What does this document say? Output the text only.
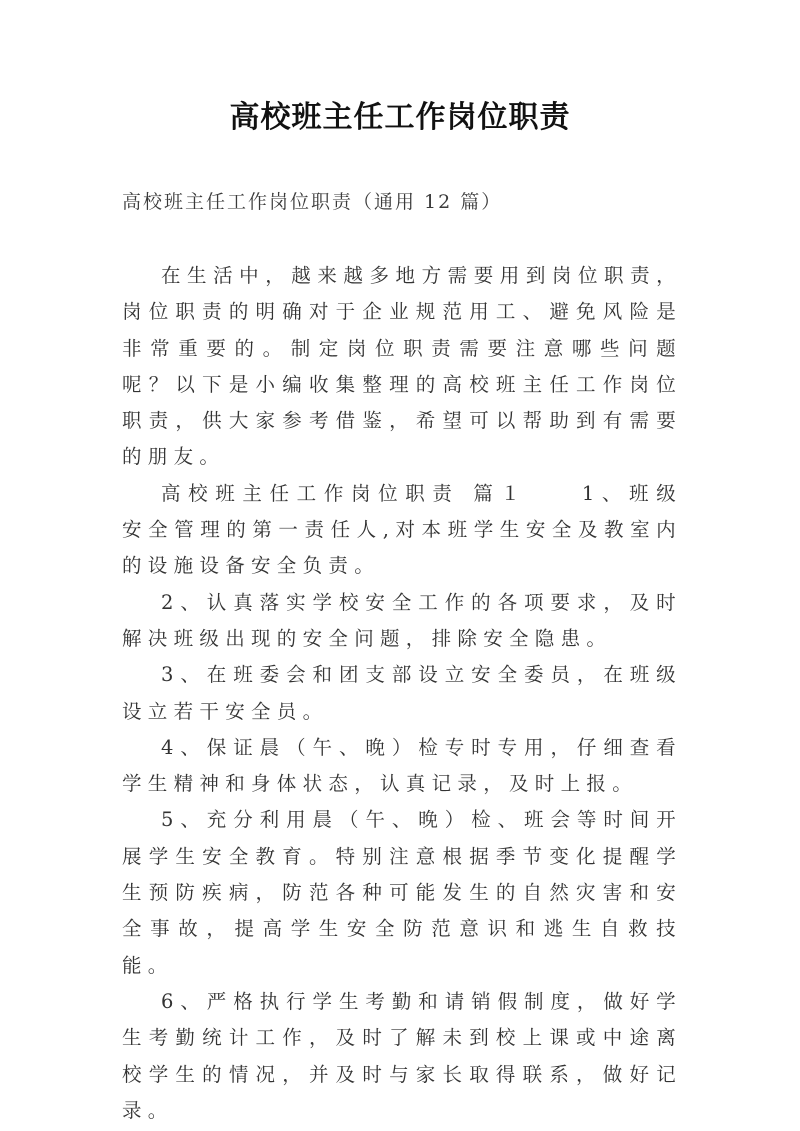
高校班主任工作岗位职责
高校班主任工作岗位职责（通用 12 篇）

在生活中，越来越多地方需要用到岗位职责，岗位职责的明确对于企业规范用工、避免风险是非常重要的。制定岗位职责需要注意哪些问题呢？以下是小编收集整理的高校班主任工作岗位职责，供大家参考借鉴，希望可以帮助到有需要的朋友。

高校班主任工作岗位职责 篇１　　1、班级安全管理的第一责任人,对本班学生安全及教室内的设施设备安全负责。

2、认真落实学校安全工作的各项要求，及时解决班级出现的安全问题，排除安全隐患。

3、在班委会和团支部设立安全委员，在班级设立若干安全员。

4、保证晨（午、晚）检专时专用，仔细查看学生精神和身体状态，认真记录，及时上报。

5、充分利用晨（午、晚）检、班会等时间开展学生安全教育。特别注意根据季节变化提醒学生预防疾病，防范各种可能发生的自然灾害和安全事故，提高学生安全防范意识和逃生自救技能。

6、严格执行学生考勤和请销假制度，做好学生考勤统计工作，及时了解未到校上课或中途离校学生的情况，并及时与家长取得联系，做好记录。
